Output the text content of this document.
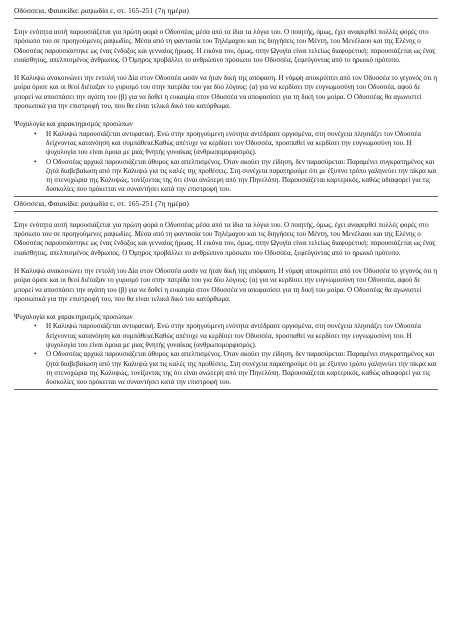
Οδύσσεια, Φαιακίδα: ραψωδία ε, στ. 165-251 (7η ημέρα)

Στην ενότητα αυτή παρουσιάζεται για πρώτη φορά ο Οδυσσέας μέσα από τα ίδια τα λόγια του. Ο ποιητής, όμως, έχει αναφερθεί πολλές φορές στο πρόσωπο του σε προηγούμενες ραψωδίες. Μέσα από τη φαντασία του Τηλέμαχου και τις διηγήσεις του Μέντη, του Μενέλαου και της Ελένης ο Οδυσσέας παρουσιάστηκε ως ένας ένδοξος και γενναίος ήρωας. Η εικόνα του, όμως, στην Ωγυγία είναι τελείως διαφορετική: παρουσιάζεται ως ένας ευαίσθητος, απελπισμένος άνθρωπος. Ο Όμηρος προβάλλει το ανθρώπινο πρόσωπο του Οδυσσέα, ξεφεύγοντας από το ηρωικό πρότυπο.

Η Καλυψώ ανακοινώνει την εντολή του Δία στον Οδυσσέα ωσάν να ήταν δική της απόφαση. Η νύμφη αποκρύπτει από τον Οδυσσέα το γεγονός ότι η μοίρα όρισε και οι θεοί διέταξαν το γυρισμό του στην πατρίδα του για δύο λόγους: (α) για να κερδίσει την ευγνωμοσύνη του Οδυσσέα, αφού δε μπορεί να αποσπάσει την αγάπη του (β) για να δοθεί η ευκαιρία στον Οδυσσέα να αποφασίσει για τη δική του μοίρα. Ο Οδυσσέας θα αγωνιστεί προσωπικά για την επιστροφή του, που θα είναι τελικά δικό του κατόρθωμα.

Ψυχολογία και χαρακτηρισμός προσώπων
• Η Καλυψώ παρουσιάζεται αντιφατική. Ενώ στην προηγούμενη ενότητα αντέδρασε οργισμένα, στη συνέχεια πλησιάζει τον Οδυσσέα δείχνοντας κατανόηση και συμπάθεια.Καθώς απέτυχε να κερδίσει τον Οδυσσέα, προσπαθεί να κερδίσει την ευγνωμοσύνη του. Η ψυχολογία του είναι όμοια με μιας θνητής γυναίκας (ανθρωπομορφισμός).
• Ο Οδυσσέας αρχικά παρουσιάζεται άθυμος και απελπισμένος. Όταν ακούει την είδηση, δεν παρασύρεται: Παραμένει συγκρατημένος και ζητά διαβεβαίωση από την Καλυψώ για τις καλές της προθέσεις. Στη συνέχεια παρατηρούμε ότι με έξυπνο τρόπο γαληνεύει την πίκρα και τη στενοχώρια της Καλυψώς, τονίζοντας της ότι είναι ανώτερη από την Πηνελόπη. Παρουσιάζεται καρτερικός, καθώς αδιαφορεί για τις δυσκολίες που πρόκειται να συναντήσει κατά την επιστροφή του.
Οδύσσεια, Φαιακίδα: ραψωδία ε, στ. 165-251 (7η ημέρα)

Στην ενότητα αυτή παρουσιάζεται για πρώτη φορά ο Οδυσσέας μέσα από τα ίδια τα λόγια του. Ο ποιητής, όμως, έχει αναφερθεί πολλές φορές στο πρόσωπο του σε προηγούμενες ραψωδίες. Μέσα από τη φαντασία του Τηλέμαχου και τις διηγήσεις του Μέντη, του Μενέλαου και της Ελένης ο Οδυσσέας παρουσιάστηκε ως ένας ένδοξος και γενναίος ήρωας. Η εικόνα του, όμως, στην Ωγυγία είναι τελείως διαφορετική: παρουσιάζεται ως ένας ευαίσθητος, απελπισμένος άνθρωπος. Ο Όμηρος προβάλλει το ανθρώπινο πρόσωπο του Οδυσσέα, ξεφεύγοντας από το ηρωικό πρότυπο.

Η Καλυψώ ανακοινώνει την εντολή του Δία στον Οδυσσέα ωσάν να ήταν δική της απόφαση. Η νύμφη αποκρύπτει από τον Οδυσσέα το γεγονός ότι η μοίρα όρισε και οι θεοί διέταξαν το γυρισμό του στην πατρίδα του για δύο λόγους: (α) για να κερδίσει την ευγνωμοσύνη του Οδυσσέα, αφού δε μπορεί να αποσπάσει την αγάπη του (β) για να δοθεί η ευκαιρία στον Οδυσσέα να αποφασίσει για τη δική του μοίρα. Ο Οδυσσέας θα αγωνιστεί προσωπικά για την επιστροφή του, που θα είναι τελικά δικό του κατόρθωμα.

Ψυχολογία και χαρακτηρισμός προσώπων
• Η Καλυψώ παρουσιάζεται αντιφατική. Ενώ στην προηγούμενη ενότητα αντέδρασε οργισμένα, στη συνέχεια πλησιάζει τον Οδυσσέα δείχνοντας κατανόηση και συμπάθεια.Καθώς απέτυχε να κερδίσει τον Οδυσσέα, προσπαθεί να κερδίσει την ευγνωμοσύνη του. Η ψυχολογία του είναι όμοια με μιας θνητής γυναίκας (ανθρωπομορφισμός).
• Ο Οδυσσέας αρχικά παρουσιάζεται άθυμος και απελπισμένος. Όταν ακούει την είδηση, δεν παρασύρεται: Παραμένει συγκρατημένος και ζητά διαβεβαίωση από την Καλυψώ για τις καλές της προθέσεις. Στη συνέχεια παρατηρούμε ότι με έξυπνο τρόπο γαληνεύει την πίκρα και τη στενοχώρια της Καλυψώς, τονίζοντας της ότι είναι ανώτερη από την Πηνελόπη. Παρουσιάζεται καρτερικός, καθώς αδιαφορεί για τις δυσκολίες που πρόκειται να συναντήσει κατά την επιστροφή του.
